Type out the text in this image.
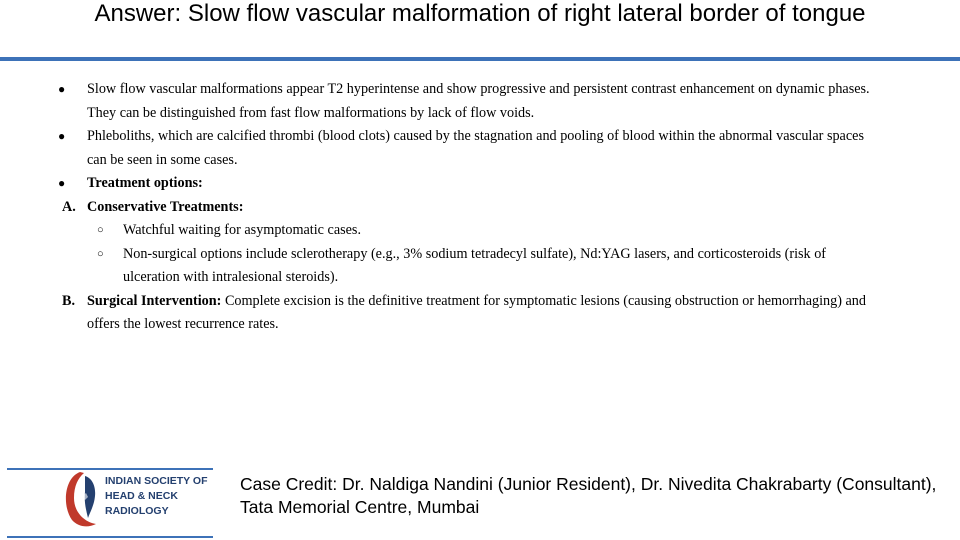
Answer: Slow flow vascular malformation of right lateral border of tongue
● Slow flow vascular malformations appear T2 hyperintense and show progressive and persistent contrast enhancement on dynamic phases. They can be distinguished from fast flow malformations by lack of flow voids.
● Phleboliths, which are calcified thrombi (blood clots) caused by the stagnation and pooling of blood within the abnormal vascular spaces can be seen in some cases.
● Treatment options:
A. Conservative Treatments:
○ Watchful waiting for asymptomatic cases.
○ Non-surgical options include sclerotherapy (e.g., 3% sodium tetradecyl sulfate), Nd:YAG lasers, and corticosteroids (risk of ulceration with intralesional steroids).
B. Surgical Intervention: Complete excision is the definitive treatment for symptomatic lesions (causing obstruction or hemorrhaging) and offers the lowest recurrence rates.
INDIAN SOCIETY OF
HEAD & NECK
RADIOLOGY
Case Credit: Dr. Naldiga Nandini (Junior Resident), Dr. Nivedita Chakrabarty (Consultant), Tata Memorial Centre, Mumbai
